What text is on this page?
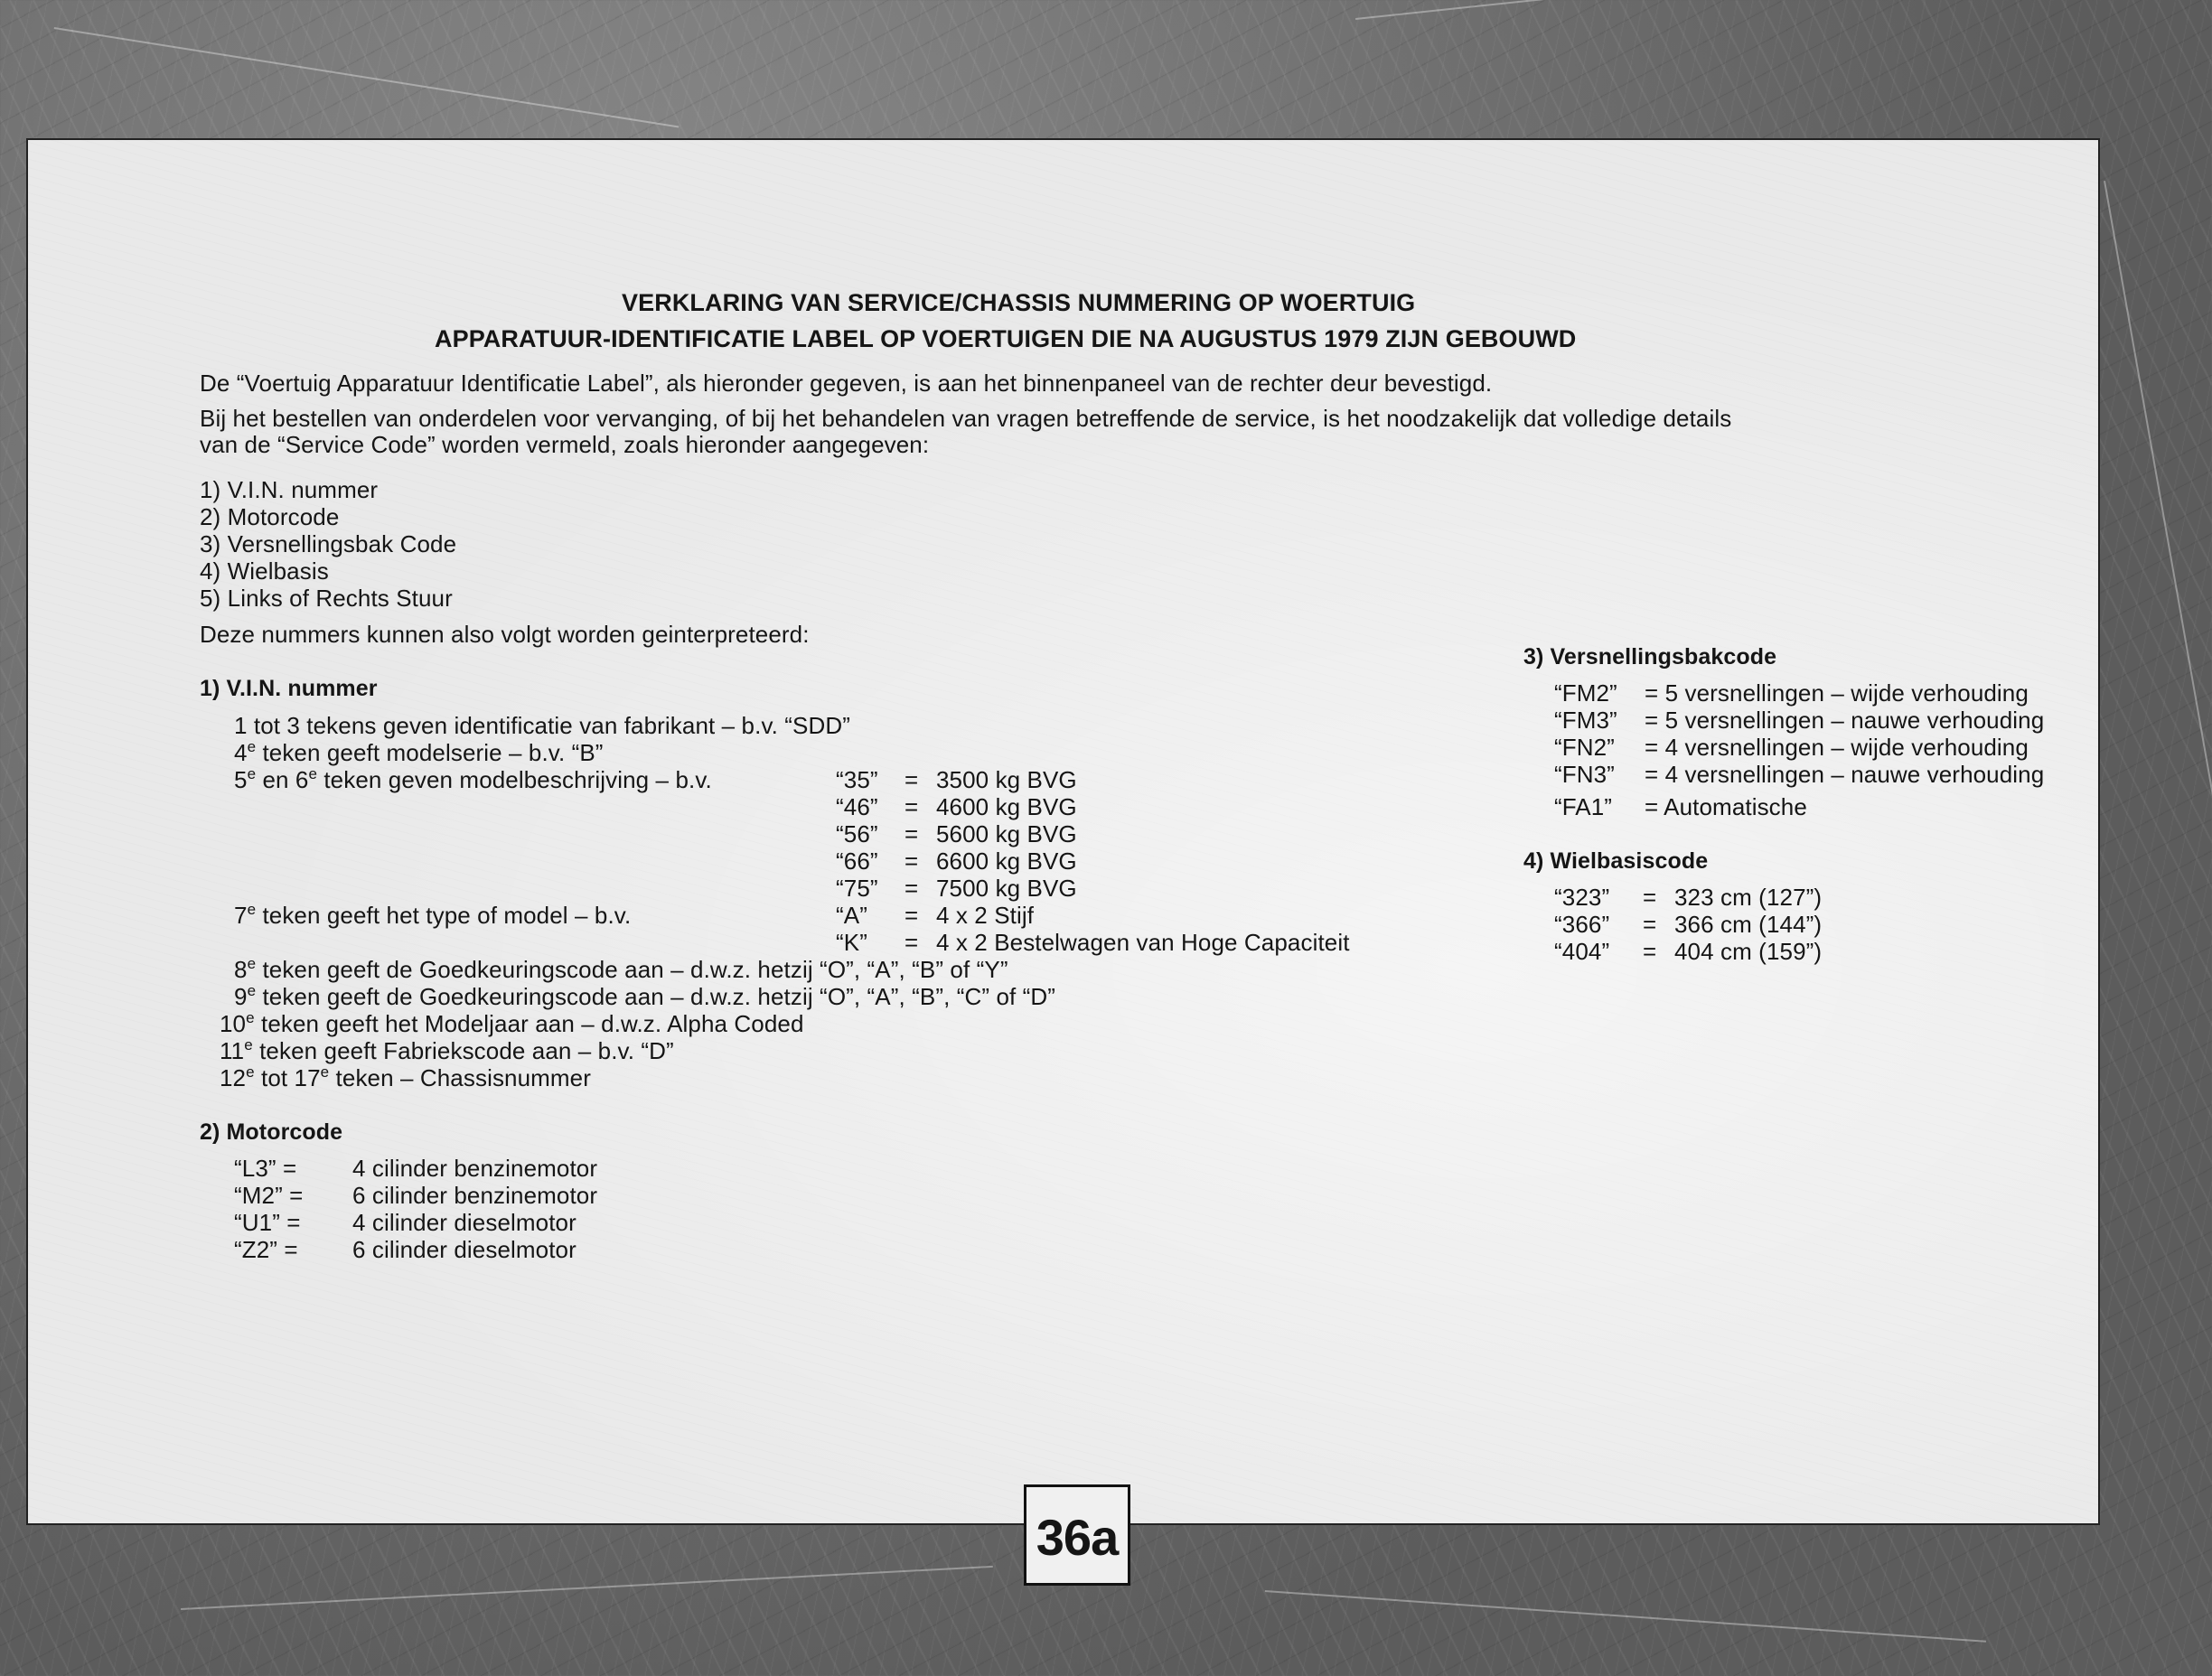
VERKLARING VAN SERVICE/CHASSIS NUMMERING OP WOERTUIG
APPARATUUR-IDENTIFICATIE LABEL OP VOERTUIGEN DIE NA AUGUSTUS 1979 ZIJN GEBOUWD
De “Voertuig Apparatuur Identificatie Label”, als hieronder gegeven, is aan het binnenpaneel van de rechter deur bevestigd.
Bij het bestellen van onderdelen voor vervanging, of bij het behandelen van vragen betreffende de service, is het noodzakelijk dat volledige details
van de “Service Code” worden vermeld, zoals hieronder aangegeven:
1) V.I.N. nummer
2) Motorcode
3) Versnellingsbak Code
4) Wielbasis
5) Links of Rechts Stuur
Deze nummers kunnen also volgt worden geinterpreteerd:
1) V.I.N. nummer
1 tot 3 tekens geven identificatie van fabrikant – b.v. “SDD”
4e teken geeft modelserie – b.v. “B”
5e en 6e teken geven modelbeschrijving – b.v.	“35” = 3500 kg BVG
“46” = 4600 kg BVG
“56” = 5600 kg BVG
“66” = 6600 kg BVG
“75” = 7500 kg BVG
7e teken geeft het type of model – b.v.	“A” = 4 x 2 Stijf
“K” = 4 x 2 Bestelwagen van Hoge Capaciteit
8e teken geeft de Goedkeuringscode aan – d.w.z. hetzij “O”, “A”, “B” of “Y”
9e teken geeft de Goedkeuringscode aan – d.w.z. hetzij “O”, “A”, “B”, “C” of “D”
10e teken geeft het Modeljaar aan – d.w.z. Alpha Coded
11e teken geeft Fabriekscode aan – b.v. “D”
12e tot 17e teken – Chassisnummer
2) Motorcode
“L3” = 4 cilinder benzinemotor
“M2” = 6 cilinder benzinemotor
“U1” = 4 cilinder dieselmotor
“Z2” = 6 cilinder dieselmotor
3) Versnellingsbakcode
“FM2” = 5 versnellingen – wijde verhouding
“FM3” = 5 versnellingen – nauwe verhouding
“FN2” = 4 versnellingen – wijde verhouding
“FN3” = 4 versnellingen – nauwe verhouding
“FA1” = Automatische
4) Wielbasiscode
“323” = 323 cm (127”)
“366” = 366 cm (144”)
“404” = 404 cm (159”)
36a
